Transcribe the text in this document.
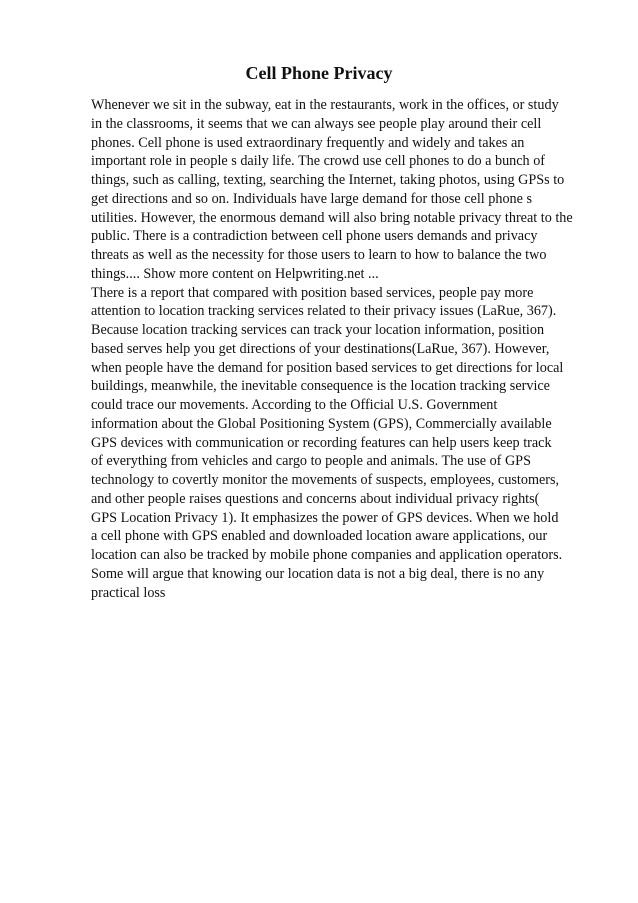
Cell Phone Privacy
Whenever we sit in the subway, eat in the restaurants, work in the offices, or study
in the classrooms, it seems that we can always see people play around their cell
phones. Cell phone is used extraordinary frequently and widely and takes an
important role in people s daily life. The crowd use cell phones to do a bunch of
things, such as calling, texting, searching the Internet, taking photos, using GPSs to
get directions and so on. Individuals have large demand for those cell phone s
utilities. However, the enormous demand will also bring notable privacy threat to the
public. There is a contradiction between cell phone users demands and privacy
threats as well as the necessity for those users to learn to how to balance the two
things.... Show more content on Helpwriting.net ...
There is a report that compared with position based services, people pay more
attention to location tracking services related to their privacy issues (LaRue, 367).
Because location tracking services can track your location information, position
based serves help you get directions of your destinations(LaRue, 367). However,
when people have the demand for position based services to get directions for local
buildings, meanwhile, the inevitable consequence is the location tracking service
could trace our movements. According to the Official U.S. Government
information about the Global Positioning System (GPS), Commercially available
GPS devices with communication or recording features can help users keep track
of everything from vehicles and cargo to people and animals. The use of GPS
technology to covertly monitor the movements of suspects, employees, customers,
and other people raises questions and concerns about individual privacy rights(
GPS Location Privacy 1). It emphasizes the power of GPS devices. When we hold
a cell phone with GPS enabled and downloaded location aware applications, our
location can also be tracked by mobile phone companies and application operators.
Some will argue that knowing our location data is not a big deal, there is no any
practical loss
